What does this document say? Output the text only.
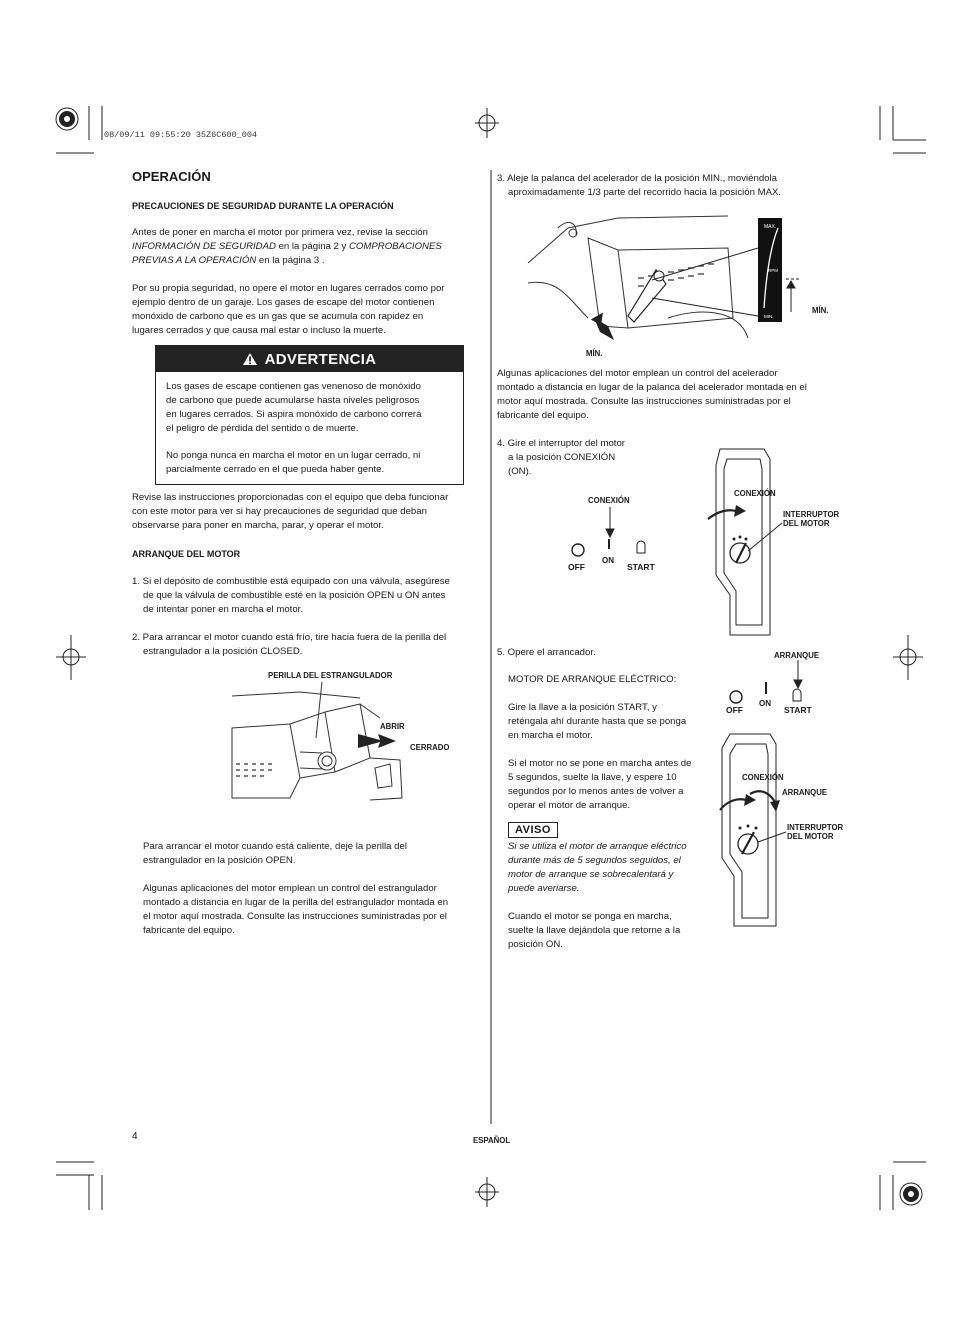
08/09/11 09:55:20 35Z6C600_004
OPERACIÓN
PRECAUCIONES DE SEGURIDAD DURANTE LA OPERACIÓN

Antes de poner en marcha el motor por primera vez, revise la sección

INFORMACIÓN DE SEGURIDAD en la página 2 y COMPROBACIONES

PREVIAS A LA OPERACIÓN en la página 3 .

Por su propia seguridad, no opere el motor en lugares cerrados como por

ejemplo dentro de un garaje. Los gases de escape del motor contienen

monóxido de carbono que es un gas que se acumula con rapidez en

lugares cerrados y que causa mal estar o incluso la muerte.

ADVERTENCIA

Los gases de escape contienen gas venenoso de monóxido

de carbono que puede acumularse hasta niveles peligrosos

en lugares cerrados. Si aspira monóxido de carbono correrá

el peligro de pérdida del sentido o de muerte.

No ponga nunca en marcha el motor en un lugar cerrado, ni

parcialmente cerrado en el que pueda haber gente.

Revise las instrucciones proporcionadas con el equipo que deba funcionar

con este motor para ver si hay precauciones de seguridad que deban

observarse para poner en marcha, parar, y operar el motor.

ARRANQUE DEL MOTOR

1. Si el depósito de combustible está equipado con una válvula, asegúrese

de que la válvula de combustible esté en la posición OPEN u ON antes

de intentar poner en marcha el motor.

2. Para arrancar el motor cuando está frío, tire hacia fuera de la perilla del

estrangulador a la posición CLOSED.

PERILLA DEL ESTRANGULADOR
ABRIR
CERRADO

Para arrancar el motor cuando está caliente, deje la perilla del

estrangulador en la posición OPEN.

Algunas aplicaciones del motor emplean un control del estrangulador

montado a distancia en lugar de la perilla del estrangulador montada en

el motor aquí mostrada. Consulte las instrucciones suministradas por el

fabricante del equipo.

3. Aleje la palanca del acelerador de la posición MIN., moviéndola

aproximadamente 1/3 parte del recorrido hacia la posición MAX.

MAX.
RPM
MIN.
MÍN.
MÍN.

Algunas aplicaciones del motor emplean un control del acelerador

montado a distancia en lugar de la palanca del acelerador montada en el

motor aquí mostrada. Consulte las instrucciones suministradas por el

fabricante del equipo.

4. Gire el interruptor del motor

a la posición CONEXIÓN

(ON).

CONEXIÓN
OFF
ON
START
CONEXIÓN
INTERRUPTOR
DEL MOTOR
5. Opere el arrancador.
MOTOR DE ARRANQUE ELÉCTRICO:

Gire la llave a la posición START, y

reténgala ahí durante hasta que se ponga

en marcha el motor.

Si el motor no se pone en marcha antes de

5 segundos, suelte la llave, y espere 10

segundos por lo menos antes de volver a

operar el motor de arranque.

AVISO

Si se utiliza el motor de arranque eléctrico

durante más de 5 segundos seguidos, el

motor de arranque se sobrecalentará y

puede averiarse.

Cuando el motor se ponga en marcha,

suelte la llave dejándola que retorne a la

posición ON.

ARRANQUE
OFF
ON
START
CONEXIÓN
ARRANQUE
INTERRUPTOR
DEL MOTOR
4	ESPAÑOL
